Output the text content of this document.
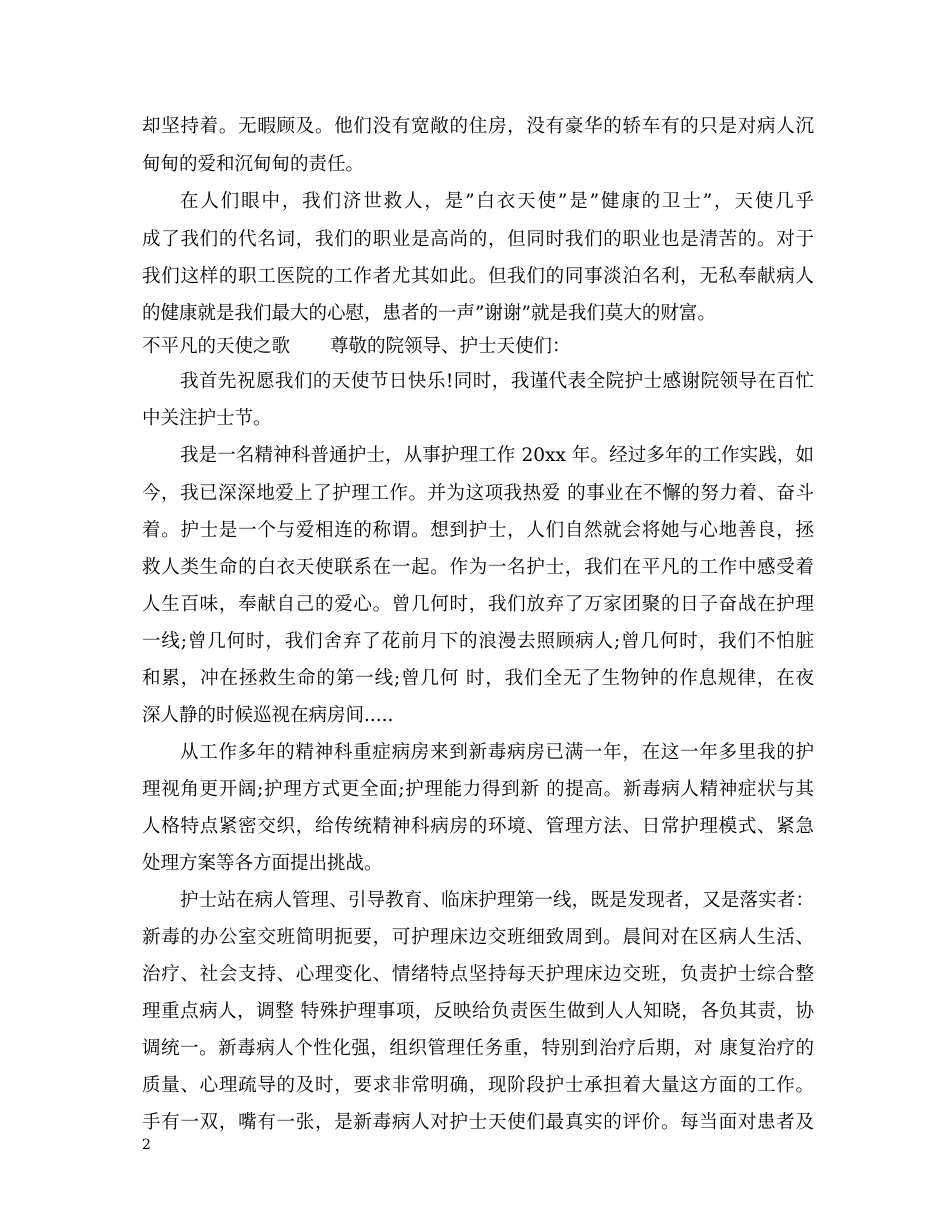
却坚持着。无暇顾及。他们没有宽敞的住房，没有豪华的轿车有的只是对病人沉
甸甸的爱和沉甸甸的责任。
在人们眼中，我们济世救人，是”白衣天使”是”健康的卫士”，天使几乎
成了我们的代名词，我们的职业是高尚的，但同时我们的职业也是清苦的。对于
我们这样的职工医院的工作者尤其如此。但我们的同事淡泊名利，无私奉献病人
的健康就是我们最大的心慰，患者的一声”谢谢”就是我们莫大的财富。
不平凡的天使之歌 尊敬的院领导、护士天使们：
我首先祝愿我们的天使节日快乐!同时，我谨代表全院护士感谢院领导在百忙
中关注护士节。
我是一名精神科普通护士，从事护理工作 20xx 年。经过多年的工作实践，如
今，我已深深地爱上了护理工作。并为这项我热爱 的事业在不懈的努力着、奋斗
着。护士是一个与爱相连的称谓。想到护士，人们自然就会将她与心地善良，拯
救人类生命的白衣天使联系在一起。作为一名护士，我们在平凡的工作中感受着
人生百味，奉献自己的爱心。曾几何时，我们放弃了万家团聚的日子奋战在护理
一线;曾几何时，我们舍弃了花前月下的浪漫去照顾病人;曾几何时，我们不怕脏
和累，冲在拯救生命的第一线;曾几何 时，我们全无了生物钟的作息规律，在夜
深人静的时候巡视在病房间.....
从工作多年的精神科重症病房来到新毒病房已满一年，在这一年多里我的护
理视角更开阔;护理方式更全面;护理能力得到新 的提高。新毒病人精神症状与其
人格特点紧密交织，给传统精神科病房的环境、管理方法、日常护理模式、紧急
处理方案等各方面提出挑战。
护士站在病人管理、引导教育、临床护理第一线，既是发现者，又是落实者：
新毒的办公室交班简明扼要，可护理床边交班细致周到。晨间对在区病人生活、
治疗、社会支持、心理变化、情绪特点坚持每天护理床边交班，负责护士综合整
理重点病人，调整 特殊护理事项，反映给负责医生做到人人知晓，各负其责，协
调统一。新毒病人个性化强，组织管理任务重，特别到治疗后期，对 康复治疗的
质量、心理疏导的及时，要求非常明确，现阶段护士承担着大量这方面的工作。
手有一双，嘴有一张，是新毒病人对护士天使们最真实的评价。每当面对患者及
2
